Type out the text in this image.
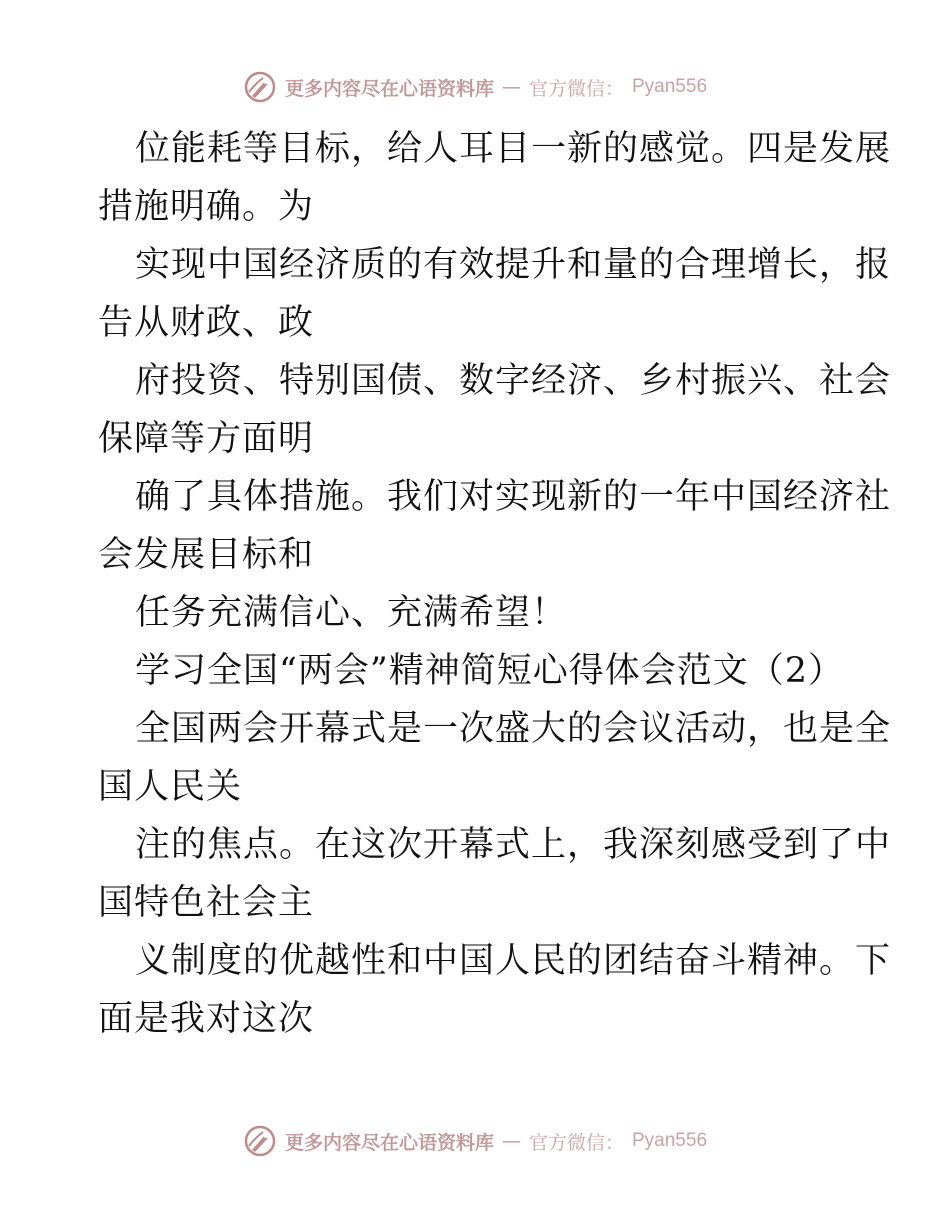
更多内容尽在心语资料库 — 官方微信： Pyan556
位能耗等目标，给人耳目一新的感觉。四是发展
措施明确。为
实现中国经济质的有效提升和量的合理增长，报
告从财政、政
府投资、特别国债、数字经济、乡村振兴、社会
保障等方面明
确了具体措施。我们对实现新的一年中国经济社
会发展目标和
任务充满信心、充满希望！
学习全国“两会”精神简短心得体会范文（2）
全国两会开幕式是一次盛大的会议活动，也是全
国人民关
注的焦点。在这次开幕式上，我深刻感受到了中
国特色社会主
义制度的优越性和中国人民的团结奋斗精神。下
面是我对这次
更多内容尽在心语资料库 — 官方微信： Pyan556
